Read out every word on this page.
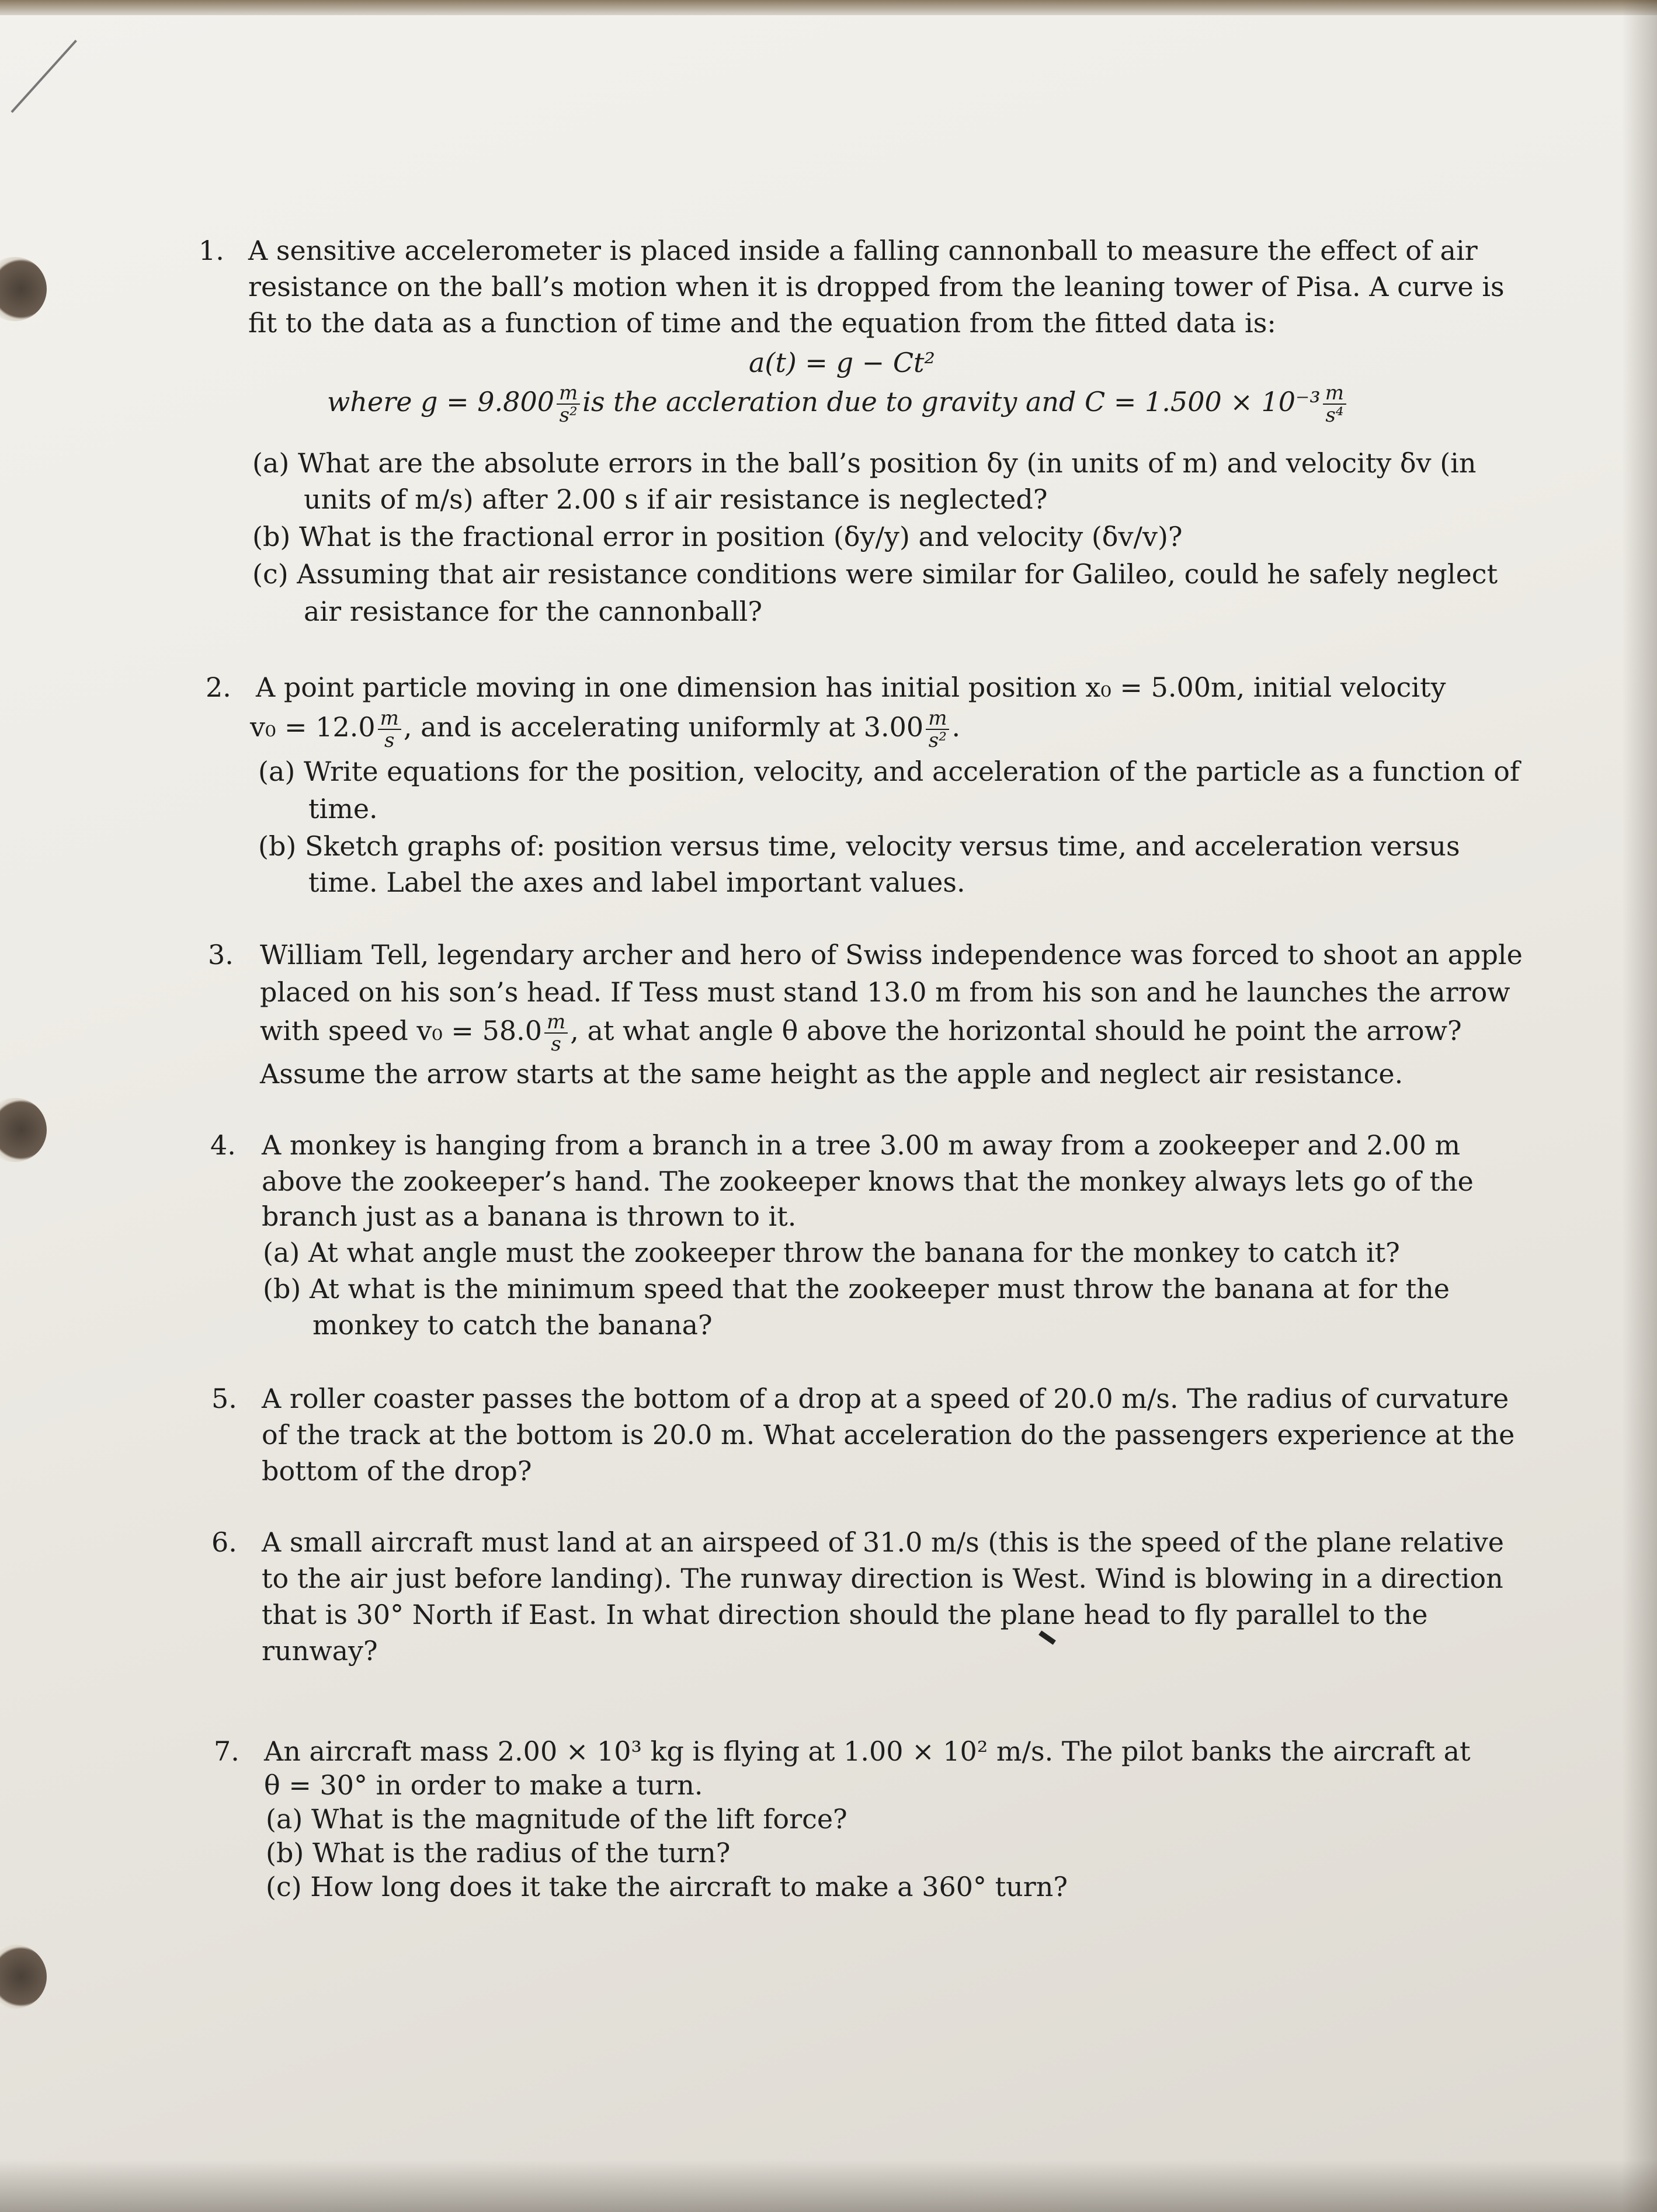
1. A sensitive accelerometer is placed inside a falling cannonball to measure the effect of air
resistance on the ball’s motion when it is dropped from the leaning tower of Pisa. A curve is
fit to the data as a function of time and the equation from the fitted data is:
a(t) = g − Ct²
where $g = 9.800 \frac{m}{\text{s²}}$ is the accleration due to gravity and $C = 1.500 \times 10^{-3} \frac{m}{\text{s⁴}}$
(a) What are the absolute errors in the ball’s position δy (in units of m) and velocity δv (in
units of m/s) after 2.00 s if air resistance is neglected?
(b) What is the fractional error in position (δy/y) and velocity (δv/v)?
(c) Assuming that air resistance conditions were similar for Galileo, could he safely neglect
air resistance for the cannonball?
2. A point particle moving in one dimension has initial position x₀ = 5.00m, initial velocity
$v_0 = 12.0 \frac{m}{s}$ , and is accelerating uniformly at $3.00 \frac{m}{\text{s²}}$ .
(a) Write equations for the position, velocity, and acceleration of the particle as a function of
time.
(b) Sketch graphs of: position versus time, velocity versus time, and acceleration versus
time. Label the axes and label important values.
3. William Tell, legendary archer and hero of Swiss independence was forced to shoot an apple
placed on his son’s head. If Tess must stand 13.0 m from his son and he launches the arrow
with speed $v_0 = 58.0 \frac{m}{s}$ , at what angle θ above the horizontal should he point the arrow?
Assume the arrow starts at the same height as the apple and neglect air resistance.
4. A monkey is hanging from a branch in a tree 3.00 m away from a zookeeper and 2.00 m
above the zookeeper’s hand. The zookeeper knows that the monkey always lets go of the
branch just as a banana is thrown to it.
(a) At what angle must the zookeeper throw the banana for the monkey to catch it?
(b) At what is the minimum speed that the zookeeper must throw the banana at for the
monkey to catch the banana?
5. A roller coaster passes the bottom of a drop at a speed of 20.0 m/s. The radius of curvature
of the track at the bottom is 20.0 m. What acceleration do the passengers experience at the
bottom of the drop?
6. A small aircraft must land at an airspeed of 31.0 m/s (this is the speed of the plane relative
to the air just before landing). The runway direction is West. Wind is blowing in a direction
that is 30° North if East. In what direction should the plane head to fly parallel to the
runway?
7. An aircraft mass 2.00 × 10³ kg is flying at 1.00 × 10² m/s. The pilot banks the aircraft at
θ = 30° in order to make a turn.
(a) What is the magnitude of the lift force?
(b) What is the radius of the turn?
(c) How long does it take the aircraft to make a 360° turn?
